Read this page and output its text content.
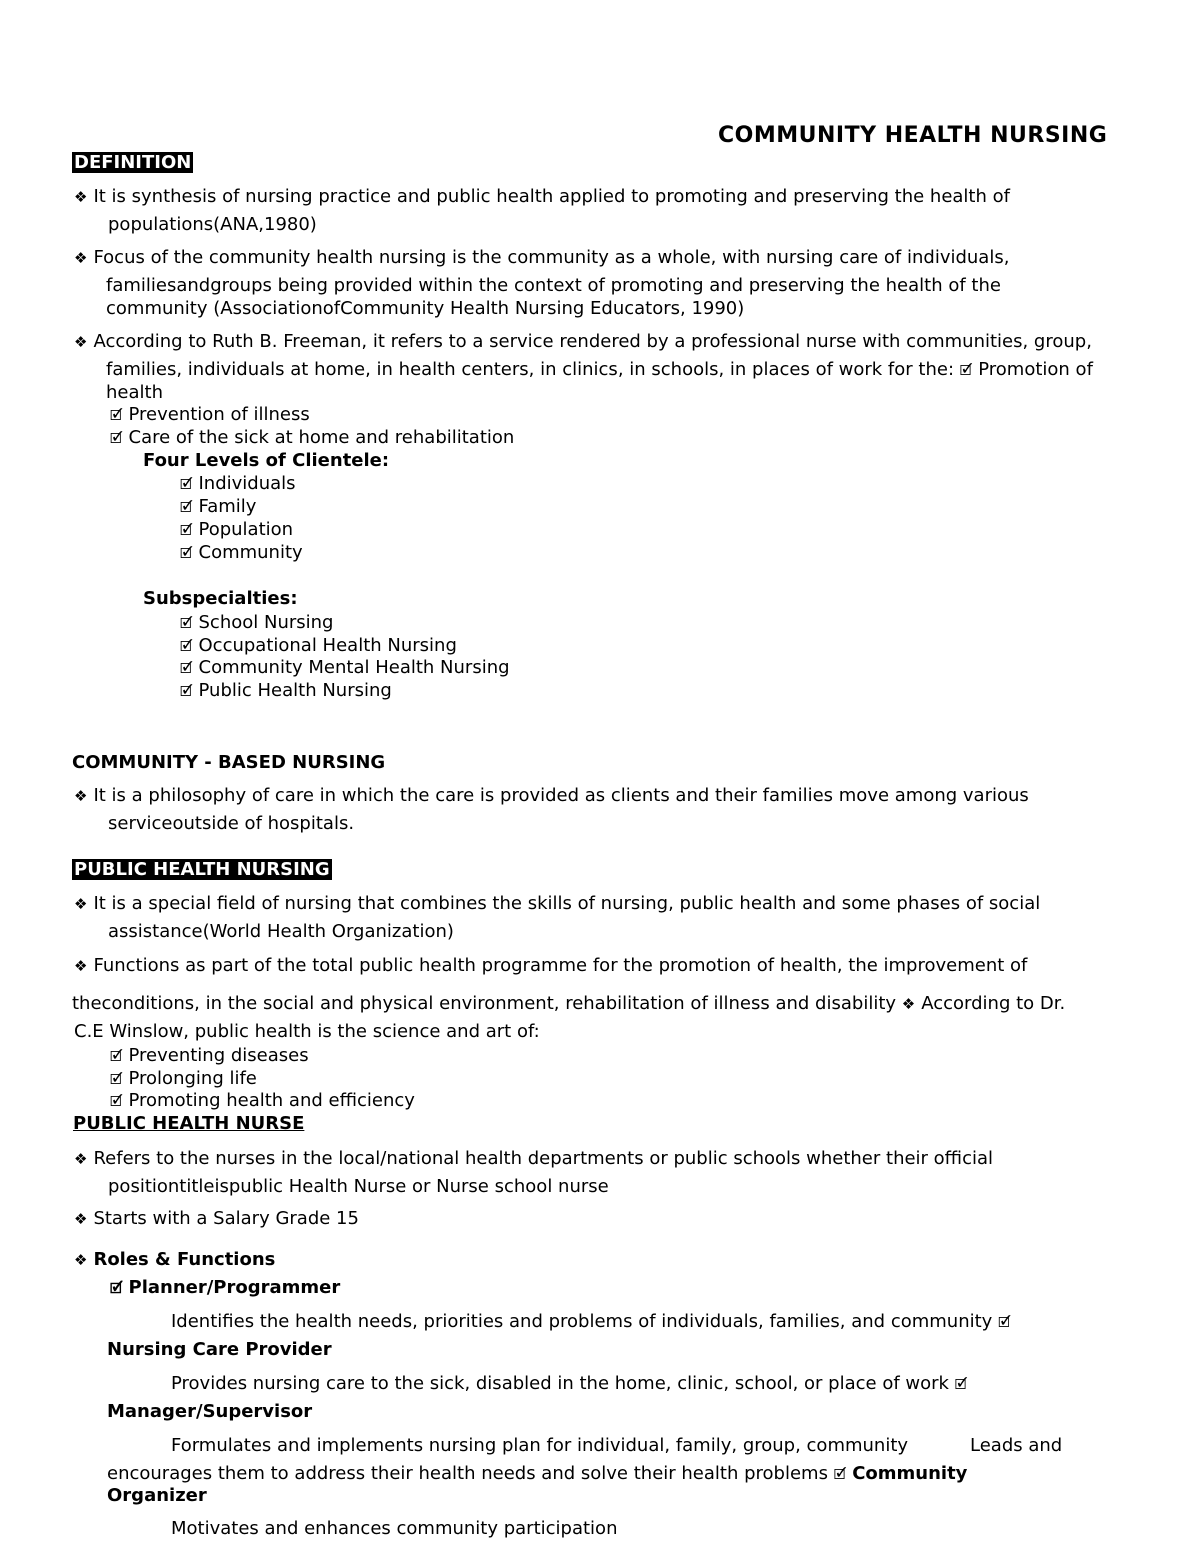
COMMUNITY HEALTH NURSING
DEFINITION
❖ It is synthesis of nursing practice and public health applied to promoting and preserving the health of
populations(ANA,1980)
❖ Focus of the community health nursing is the community as a whole, with nursing care of individuals,
familiesandgroups being provided within the context of promoting and preserving the health of the
community (AssociationofCommunity Health Nursing Educators, 1990)
❖ According to Ruth B. Freeman, it refers to a service rendered by a professional nurse with communities, group,
families, individuals at home, in health centers, in clinics, in schools, in places of work for the: 🗹 Promotion of
health
🗹 Prevention of illness
🗹 Care of the sick at home and rehabilitation
Four Levels of Clientele:
🗹 Individuals
🗹 Family
🗹 Population
🗹 Community
Subspecialties:
🗹 School Nursing
🗹 Occupational Health Nursing
🗹 Community Mental Health Nursing
🗹 Public Health Nursing
COMMUNITY - BASED NURSING
❖ It is a philosophy of care in which the care is provided as clients and their families move among various
serviceoutside of hospitals.
PUBLIC HEALTH NURSING
❖ It is a special field of nursing that combines the skills of nursing, public health and some phases of social
assistance(World Health Organization)
❖ Functions as part of the total public health programme for the promotion of health, the improvement of
theconditions, in the social and physical environment, rehabilitation of illness and disability ❖ According to Dr.
C.E Winslow, public health is the science and art of:
🗹 Preventing diseases
🗹 Prolonging life
🗹 Promoting health and efficiency
PUBLIC HEALTH NURSE
❖ Refers to the nurses in the local/national health departments or public schools whether their official
positiontitleispublic Health Nurse or Nurse school nurse
❖ Starts with a Salary Grade 15
❖ Roles & Functions
🗹 Planner/Programmer
Identifies the health needs, priorities and problems of individuals, families, and community 🗹
Nursing Care Provider
Provides nursing care to the sick, disabled in the home, clinic, school, or place of work 🗹
Manager/Supervisor
Formulates and implements nursing plan for individual, family, group, community	Leads and
encourages them to address their health needs and solve their health problems 🗹 Community
Organizer
Motivates and enhances community participation
